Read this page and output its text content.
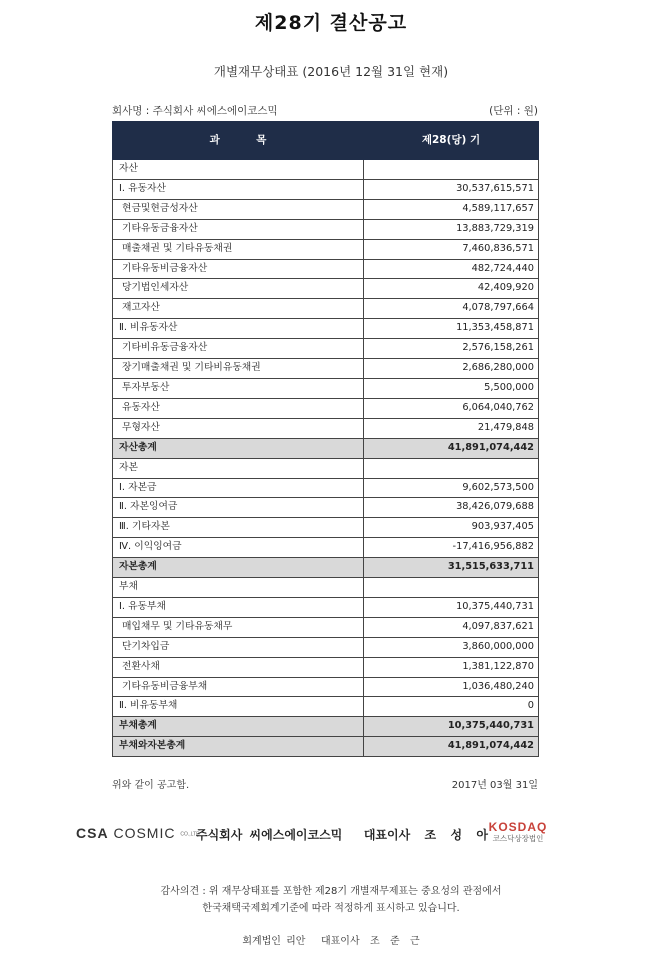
제28기 결산공고
개별재무상태표 (2016년 12월 31일 현재)
회사명 : 주식회사 씨에스에이코스믹	(단위 : 원)
과          목	제28(당) 기
자산	
Ⅰ. 유동자산	30,537,615,571
현금및현금성자산	4,589,117,657
기타유동금융자산	13,883,729,319
매출채권 및 기타유동채권	7,460,836,571
기타유동비금융자산	482,724,440
당기법인세자산	42,409,920
재고자산	4,078,797,664
Ⅱ. 비유동자산	11,353,458,871
기타비유동금융자산	2,576,158,261
장기매출채권 및 기타비유동채권	2,686,280,000
투자부동산	5,500,000
유동자산	6,064,040,762
무형자산	21,479,848
자산총계	41,891,074,442
자본	
Ⅰ. 자본금	9,602,573,500
Ⅱ. 자본잉여금	38,426,079,688
Ⅲ. 기타자본	903,937,405
Ⅳ. 이익잉여금	-17,416,956,882
자본총계	31,515,633,711
부채	
Ⅰ. 유동부채	10,375,440,731
매입채무 및 기타유동채무	4,097,837,621
단기차입금	3,860,000,000
전환사채	1,381,122,870
기타유동비금융부채	1,036,480,240
Ⅱ. 비유동부채	0
부채총계	10,375,440,731
부채와자본총계	41,891,074,442
위와 같이 공고함.	2017년 03월 31일
CSA COSMIC CO.,LTD
주식회사 씨에스에이코스믹   대표이사  조  성  아
KOSDAQ
코스닥상장법인
감사의견 : 위 재무상태표를 포함한 제28기 개별재무제표는 중요성의 관점에서
한국채택국제회계기준에 따라 적정하게 표시하고 있습니다.
회계법인 리안   대표이사  조  준  근
